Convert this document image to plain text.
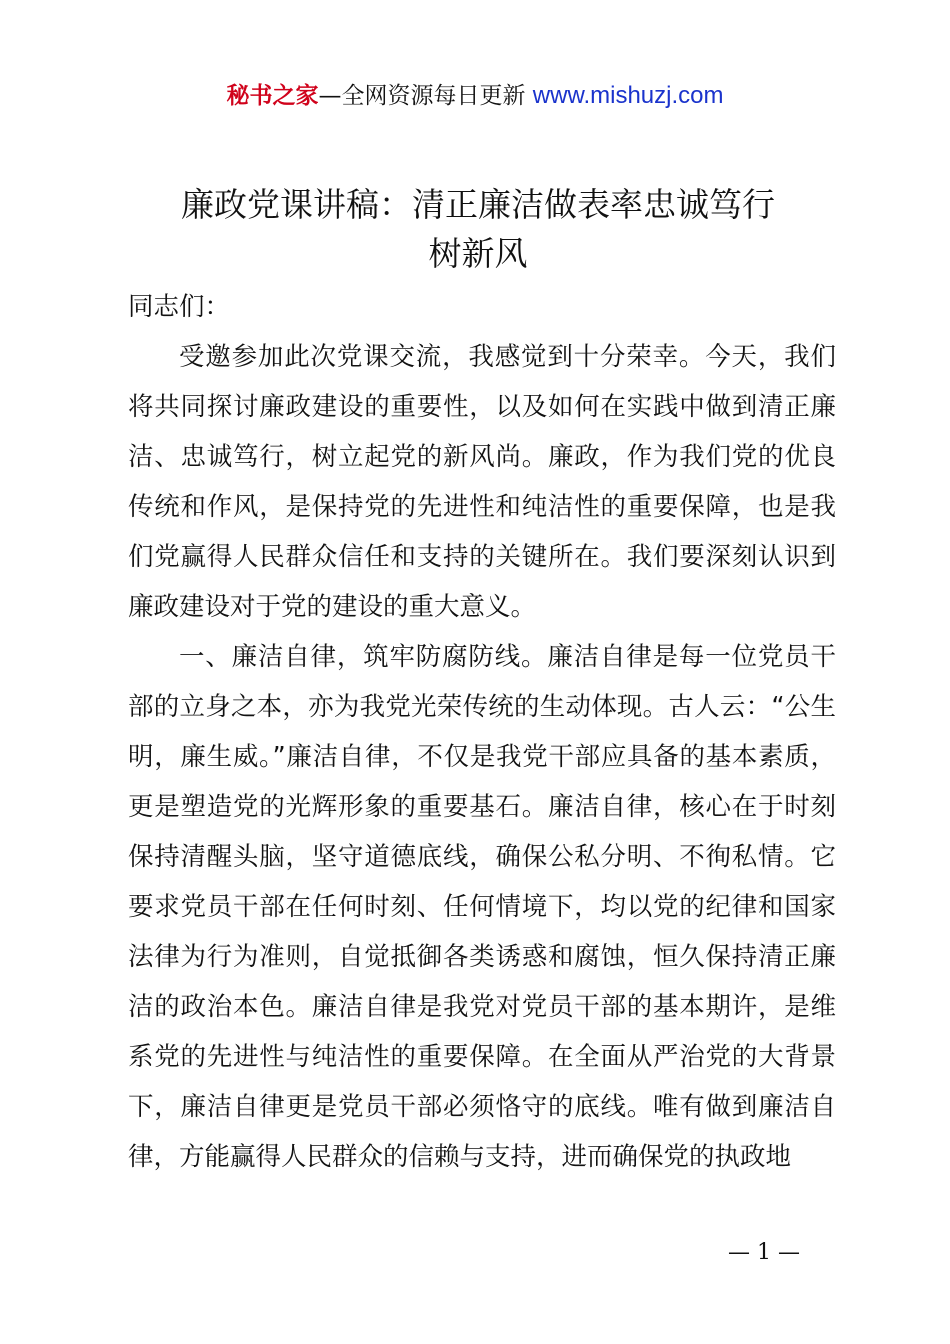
秘书之家—全网资源每日更新 www.mishuzj.com
廉政党课讲稿：清正廉洁做表率忠诚笃行
树新风

同志们：

受邀参加此次党课交流，我感觉到十分荣幸。今天，我们将共同探讨廉政建设的重要性，以及如何在实践中做到清正廉洁、忠诚笃行，树立起党的新风尚。廉政，作为我们党的优良传统和作风，是保持党的先进性和纯洁性的重要保障，也是我们党赢得人民群众信任和支持的关键所在。我们要深刻认识到廉政建设对于党的建设的重大意义。

一、廉洁自律，筑牢防腐防线。廉洁自律是每一位党员干部的立身之本，亦为我党光荣传统的生动体现。古人云：“公生明，廉生威。”廉洁自律，不仅是我党干部应具备的基本素质，更是塑造党的光辉形象的重要基石。廉洁自律，核心在于时刻保持清醒头脑，坚守道德底线，确保公私分明、不徇私情。它要求党员干部在任何时刻、任何情境下，均以党的纪律和国家法律为行为准则，自觉抵御各类诱惑和腐蚀，恒久保持清正廉洁的政治本色。廉洁自律是我党对党员干部的基本期许，是维系党的先进性与纯洁性的重要保障。在全面从严治党的大背景下，廉洁自律更是党员干部必须恪守的底线。唯有做到廉洁自律，方能赢得人民群众的信赖与支持，进而确保党的执政地

— 1 —
